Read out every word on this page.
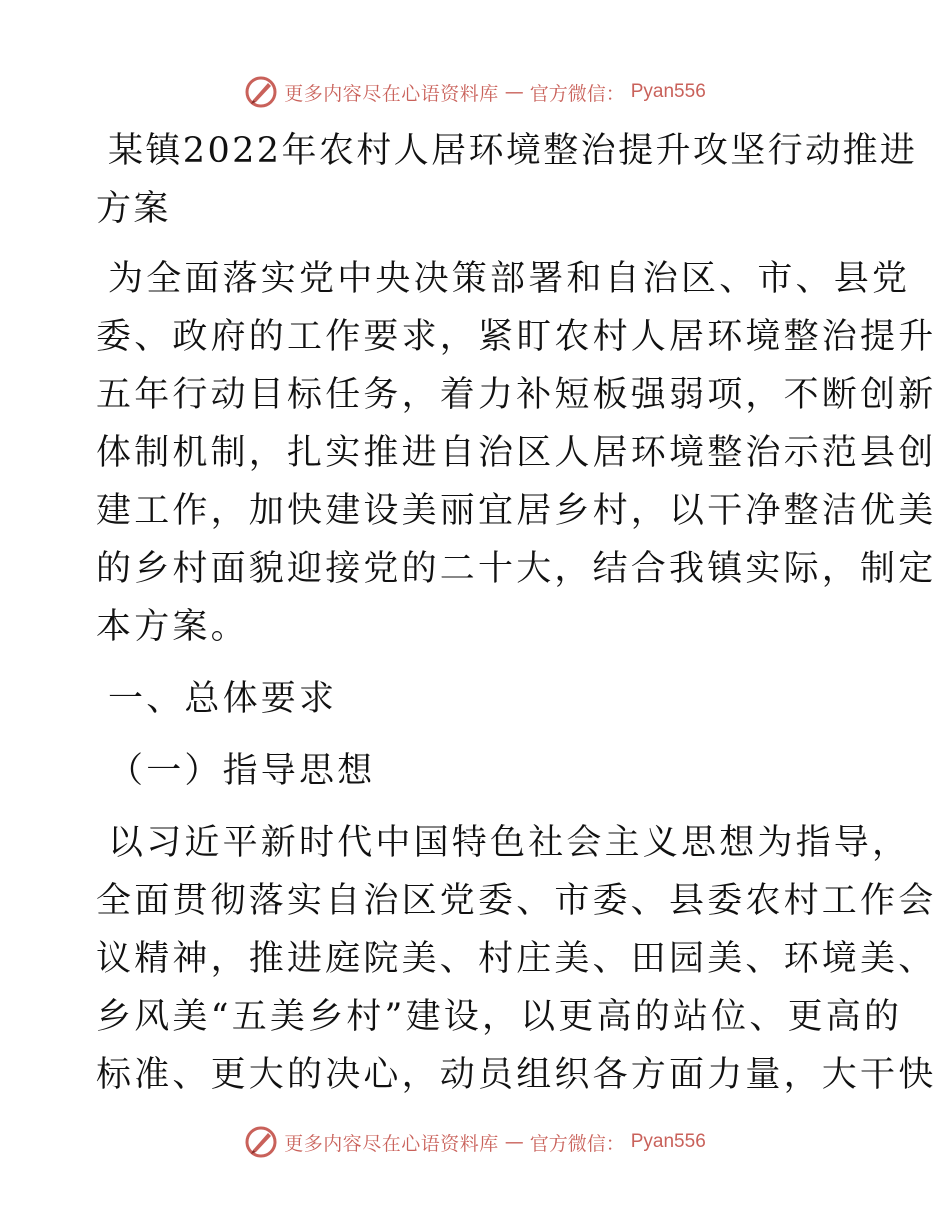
更多内容尽在心语资料库 — 官方微信： Pyan556
某镇2022年农村人居环境整治提升攻坚行动推进
方案
为全面落实党中央决策部署和自治区、市、县党
委、政府的工作要求，紧盯农村人居环境整治提升
五年行动目标任务，着力补短板强弱项，不断创新
体制机制，扎实推进自治区人居环境整治示范县创
建工作，加快建设美丽宜居乡村，以干净整洁优美
的乡村面貌迎接党的二十大，结合我镇实际，制定
本方案。
一、总体要求
（一）指导思想
以习近平新时代中国特色社会主义思想为指导，
全面贯彻落实自治区党委、市委、县委农村工作会
议精神，推进庭院美、村庄美、田园美、环境美、
乡风美“五美乡村”建设，以更高的站位、更高的
标准、更大的决心，动员组织各方面力量，大干快
更多内容尽在心语资料库 — 官方微信： Pyan556
